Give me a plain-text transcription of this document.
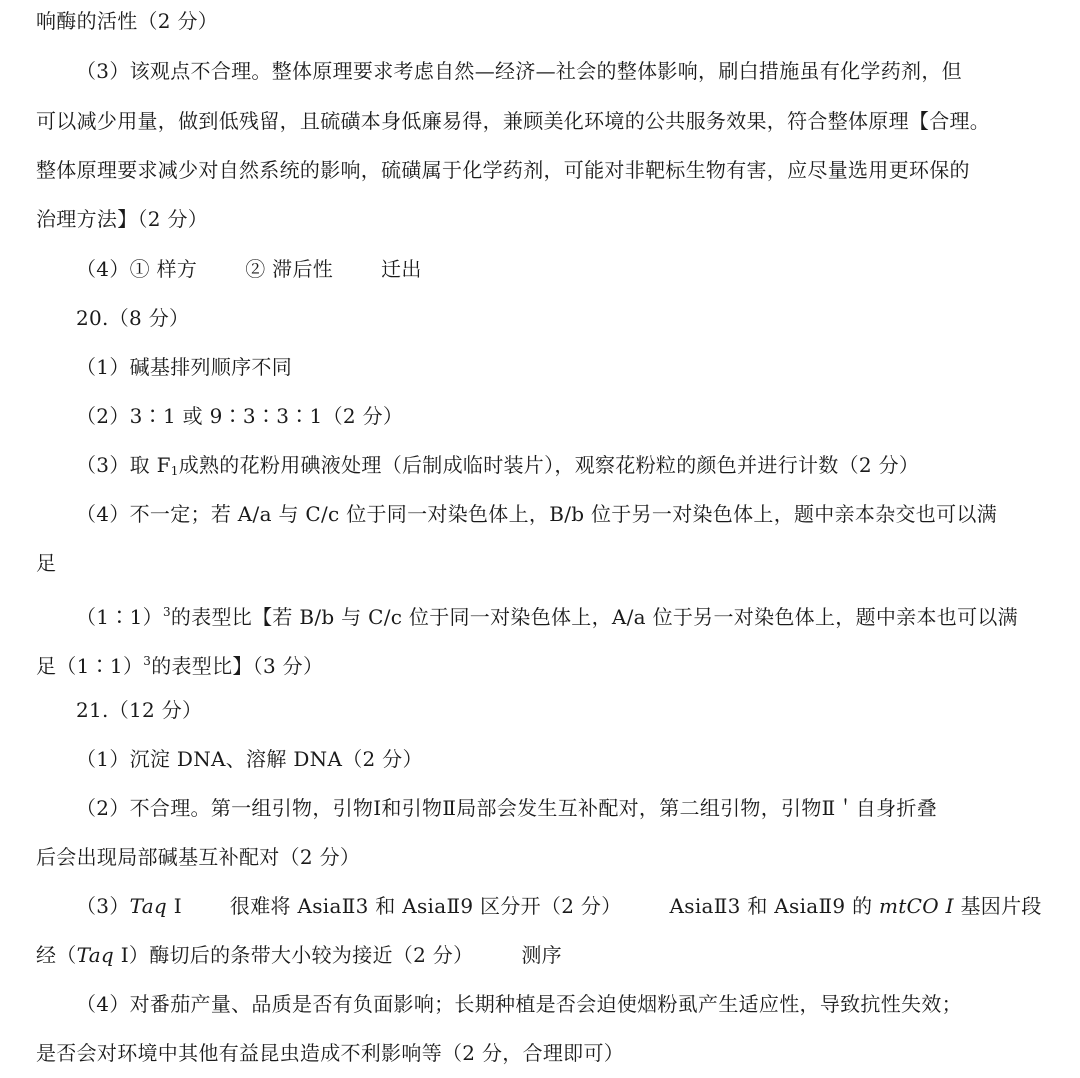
响酶的活性（2 分）
（3）该观点不合理。整体原理要求考虑自然—经济—社会的整体影响，刷白措施虽有化学药剂，但
可以减少用量，做到低残留，且硫磺本身低廉易得，兼顾美化环境的公共服务效果，符合整体原理【合理。
整体原理要求减少对自然系统的影响，硫磺属于化学药剂，可能对非靶标生物有害，应尽量选用更环保的
治理方法】（2 分）
（4）① 样方 ② 滞后性 迁出
20.（8 分）
（1）碱基排列顺序不同
（2）3∶1 或 9∶3∶3∶1（2 分）
（3）取 $F_1$成熟的花粉用碘液处理（后制成临时装片），观察花粉粒的颜色并进行计数（2 分）
（4）不一定；若 A/a 与 C/c 位于同一对染色体上，B/b 位于另一对染色体上，题中亲本杂交也可以满
足
（1∶1）$^3$的表型比【若 B/b 与 C/c 位于同一对染色体上，A/a 位于另一对染色体上，题中亲本也可以满
足（1∶1）$^3$的表型比】（3 分）
21.（12 分）
（1）沉淀 DNA、溶解 DNA（2 分）
（2）不合理。第一组引物，引物Ⅰ和引物Ⅱ局部会发生互补配对，第二组引物，引物Ⅱ＇自身折叠
后会出现局部碱基互补配对（2 分）
（3）Taq Ⅰ 很难将 AsiaⅡ3 和 AsiaⅡ9 区分开（2 分） AsiaⅡ3 和 AsiaⅡ9 的 mtCO I 基因片段
经（Taq Ⅰ）酶切后的条带大小较为接近（2 分） 测序
（4）对番茄产量、品质是否有负面影响；长期种植是否会迫使烟粉虱产生适应性，导致抗性失效；
是否会对环境中其他有益昆虫造成不利影响等（2 分，合理即可）
